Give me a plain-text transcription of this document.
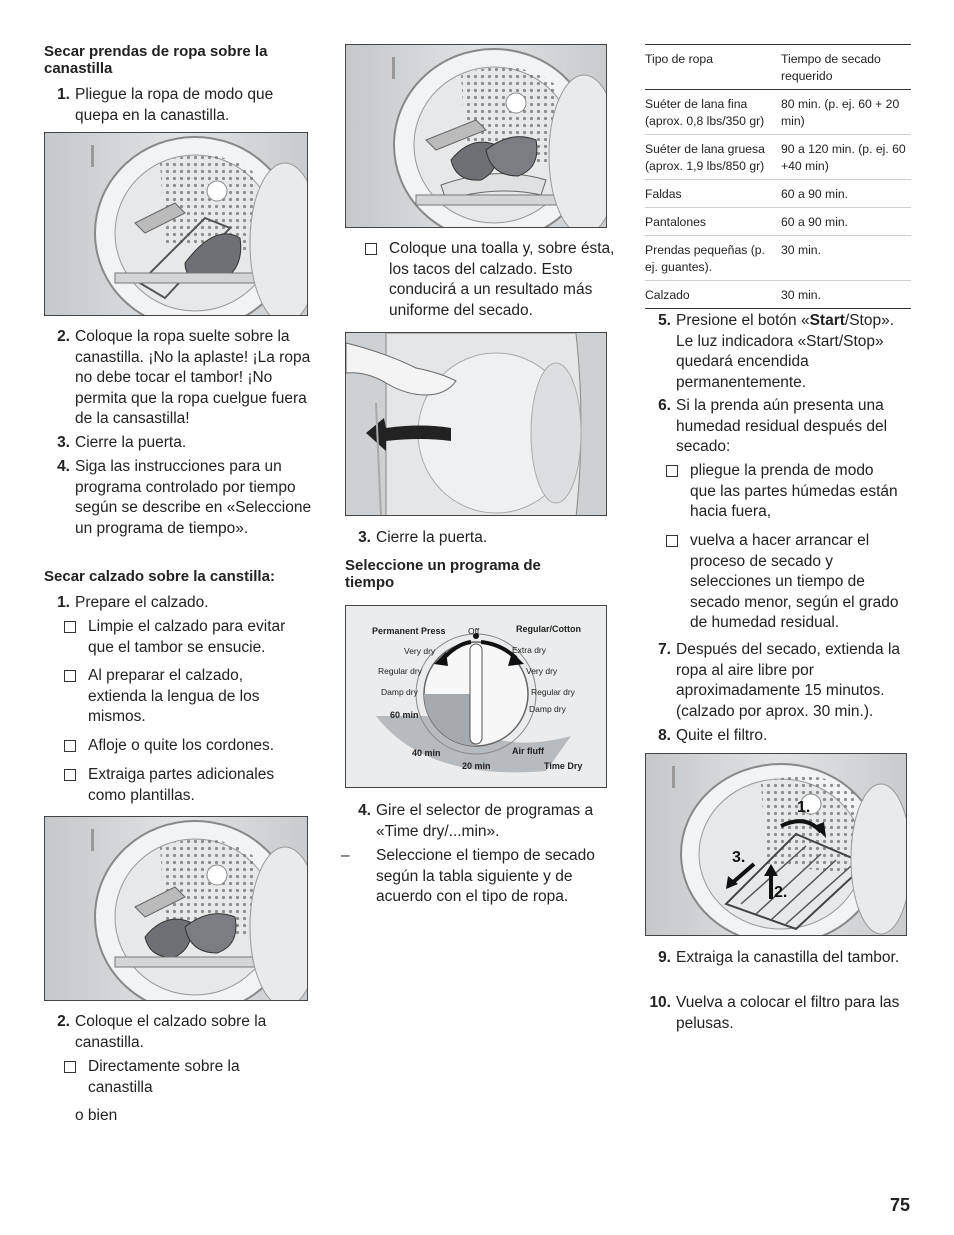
Secar prendas de ropa sobre la canastilla
1. Pliegue la ropa de modo que quepa en la canastilla.
2. Coloque la ropa suelte sobre la canastilla. ¡No la aplaste! ¡La ropa no debe tocar el tambor! ¡No permita que la ropa cuelgue fuera de la cansastilla!
3. Cierre la puerta.
4. Siga las instrucciones para un programa controlado por tiempo según se describe en «Seleccione un programa de tiempo».
Secar calzado sobre la canstilla:
1. Prepare el calzado.
Limpie el calzado para evitar que el tambor se ensucie.
Al preparar el calzado, extienda la lengua de los mismos.
Afloje o quite los cordones.
Extraiga partes adicionales como plantillas.
2. Coloque el calzado sobre la canastilla.
Directamente sobre la canastilla
o bien
Coloque una toalla y, sobre ésta, los tacos del calzado. Esto conducirá a un resultado más uniforme del secado.
3. Cierre la puerta.
Seleccione un programa de tiempo
Permanent Press	Off	Regular/Cotton
Very dry
Regular dry
Damp dry
Extra dry
Very dry
Regular dry
Damp dry
60 min
40 min
20 min
Air fluff
Time Dry
4. Gire el selector de programas a «Time dry/...min».
–	Seleccione el tiempo de secado según la tabla siguiente y de acuerdo con el tipo de ropa.
Tipo de ropa	Tiempo de secado requerido
Suéter de lana fina (aprox. 0,8 lbs/350 gr)	80 min. (p. ej. 60 + 20 min)
Suéter de lana gruesa (aprox. 1,9 lbs/850 gr)	90 a 120 min. (p. ej. 60 +40 min)
Faldas	60 a 90 min.
Pantalones	60 a 90 min.
Prendas pequeñas (p. ej. guantes).	30 min.
Calzado	30 min.
5. Presione el botón «Start/Stop». Le luz indicadora «Start/Stop» quedará encendida permanentemente.
6. Si la prenda aún presenta una humedad residual después del secado:
pliegue la prenda de modo que las partes húmedas están hacia fuera,
vuelva a hacer arrancar el proceso de secado y selecciones un tiempo de secado menor, según el grado de humedad residual.
7. Después del secado, extienda la ropa al aire libre por aproximadamente 15 minutos. (calzado por aprox. 30 min.).
8. Quite el filtro.
1.
2.
3.
9. Extraiga la canastilla del tambor.
10. Vuelva a colocar el filtro para las pelusas.
75
